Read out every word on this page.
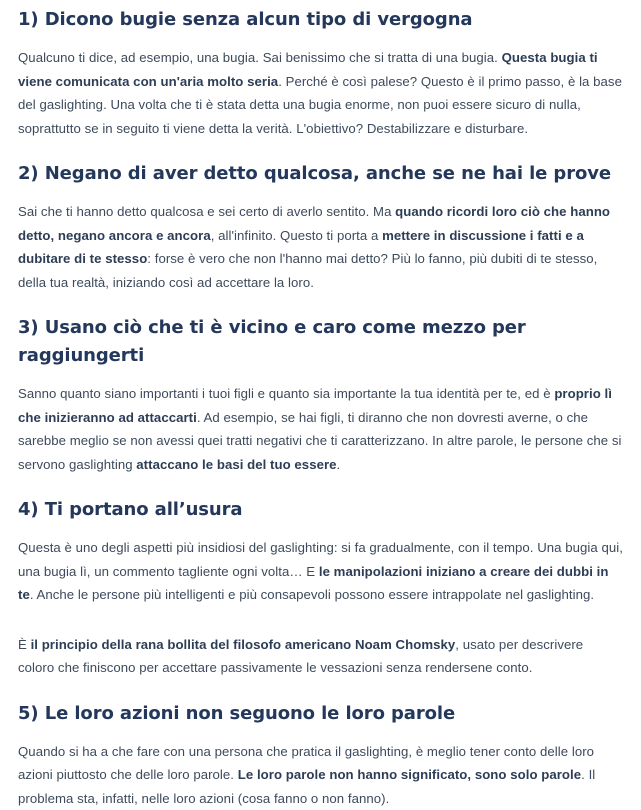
1) Dicono bugie senza alcun tipo di vergogna

Qualcuno ti dice, ad esempio, una bugia. Sai benissimo che si tratta di una bugia. Questa bugia ti viene comunicata con un'aria molto seria. Perché è così palese? Questo è il primo passo, è la base del gaslighting. Una volta che ti è stata detta una bugia enorme, non puoi essere sicuro di nulla, soprattutto se in seguito ti viene detta la verità. L'obiettivo? Destabilizzare e disturbare.

2) Negano di aver detto qualcosa, anche se ne hai le prove

Sai che ti hanno detto qualcosa e sei certo di averlo sentito. Ma quando ricordi loro ciò che hanno detto, negano ancora e ancora, all'infinito. Questo ti porta a mettere in discussione i fatti e a dubitare di te stesso: forse è vero che non l'hanno mai detto? Più lo fanno, più dubiti di te stesso, della tua realtà, iniziando così ad accettare la loro.

3) Usano ciò che ti è vicino e caro come mezzo per raggiungerti

Sanno quanto siano importanti i tuoi figli e quanto sia importante la tua identità per te, ed è proprio lì che inizieranno ad attaccarti. Ad esempio, se hai figli, ti diranno che non dovresti averne, o che sarebbe meglio se non avessi quei tratti negativi che ti caratterizzano. In altre parole, le persone che si servono gaslighting attaccano le basi del tuo essere.

4) Ti portano all’usura

Questa è uno degli aspetti più insidiosi del gaslighting: si fa gradualmente, con il tempo. Una bugia qui, una bugia lì, un commento tagliente ogni volta… E le manipolazioni iniziano a creare dei dubbi in te. Anche le persone più intelligenti e più consapevoli possono essere intrappolate nel gaslighting.

È il principio della rana bollita del filosofo americano Noam Chomsky, usato per descrivere coloro che finiscono per accettare passivamente le vessazioni senza rendersene conto.

5) Le loro azioni non seguono le loro parole

Quando si ha a che fare con una persona che pratica il gaslighting, è meglio tener conto delle loro azioni piuttosto che delle loro parole. Le loro parole non hanno significato, sono solo parole. Il problema sta, infatti, nelle loro azioni (cosa fanno o non fanno).
